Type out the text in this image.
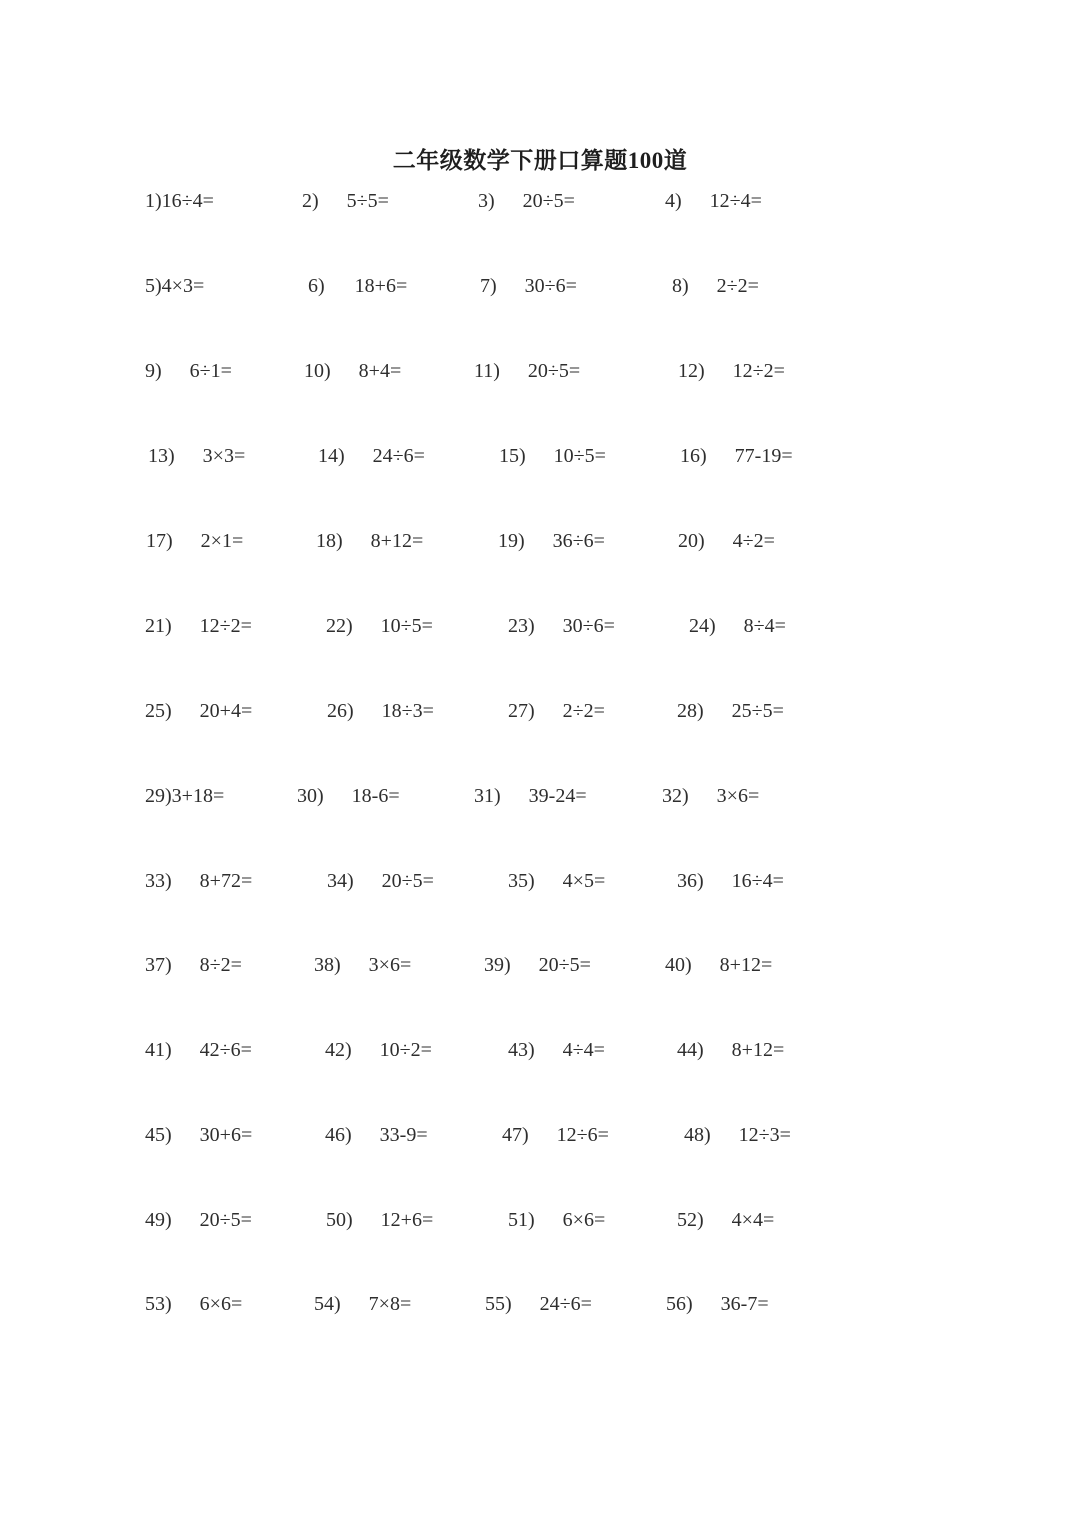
二年级数学下册口算题100道
1)16÷4=	2) 5÷5=	3) 20÷5=	4) 12÷4=
5)4×3=	6) 18+6=	7) 30÷6=	8) 2÷2=
9) 6÷1=	10) 8+4=	11) 20÷5=	12) 12÷2=
13) 3×3=	14) 24÷6=	15) 10÷5=	16) 77-19=
17) 2×1=	18) 8+12=	19) 36÷6=	20) 4÷2=
21) 12÷2=	22) 10÷5=	23) 30÷6=	24) 8÷4=
25) 20+4=	26) 18÷3=	27) 2÷2=	28) 25÷5=
29)3+18=	30) 18-6=	31) 39-24=	32) 3×6=
33) 8+72=	34) 20÷5=	35) 4×5=	36) 16÷4=
37) 8÷2=	38) 3×6=	39) 20÷5=	40) 8+12=
41) 42÷6=	42) 10÷2=	43) 4÷4=	44) 8+12=
45) 30+6=	46) 33-9=	47) 12÷6=	48) 12÷3=
49) 20÷5=	50) 12+6=	51) 6×6=	52) 4×4=
53) 6×6=	54) 7×8=	55) 24÷6=	56) 36-7=
